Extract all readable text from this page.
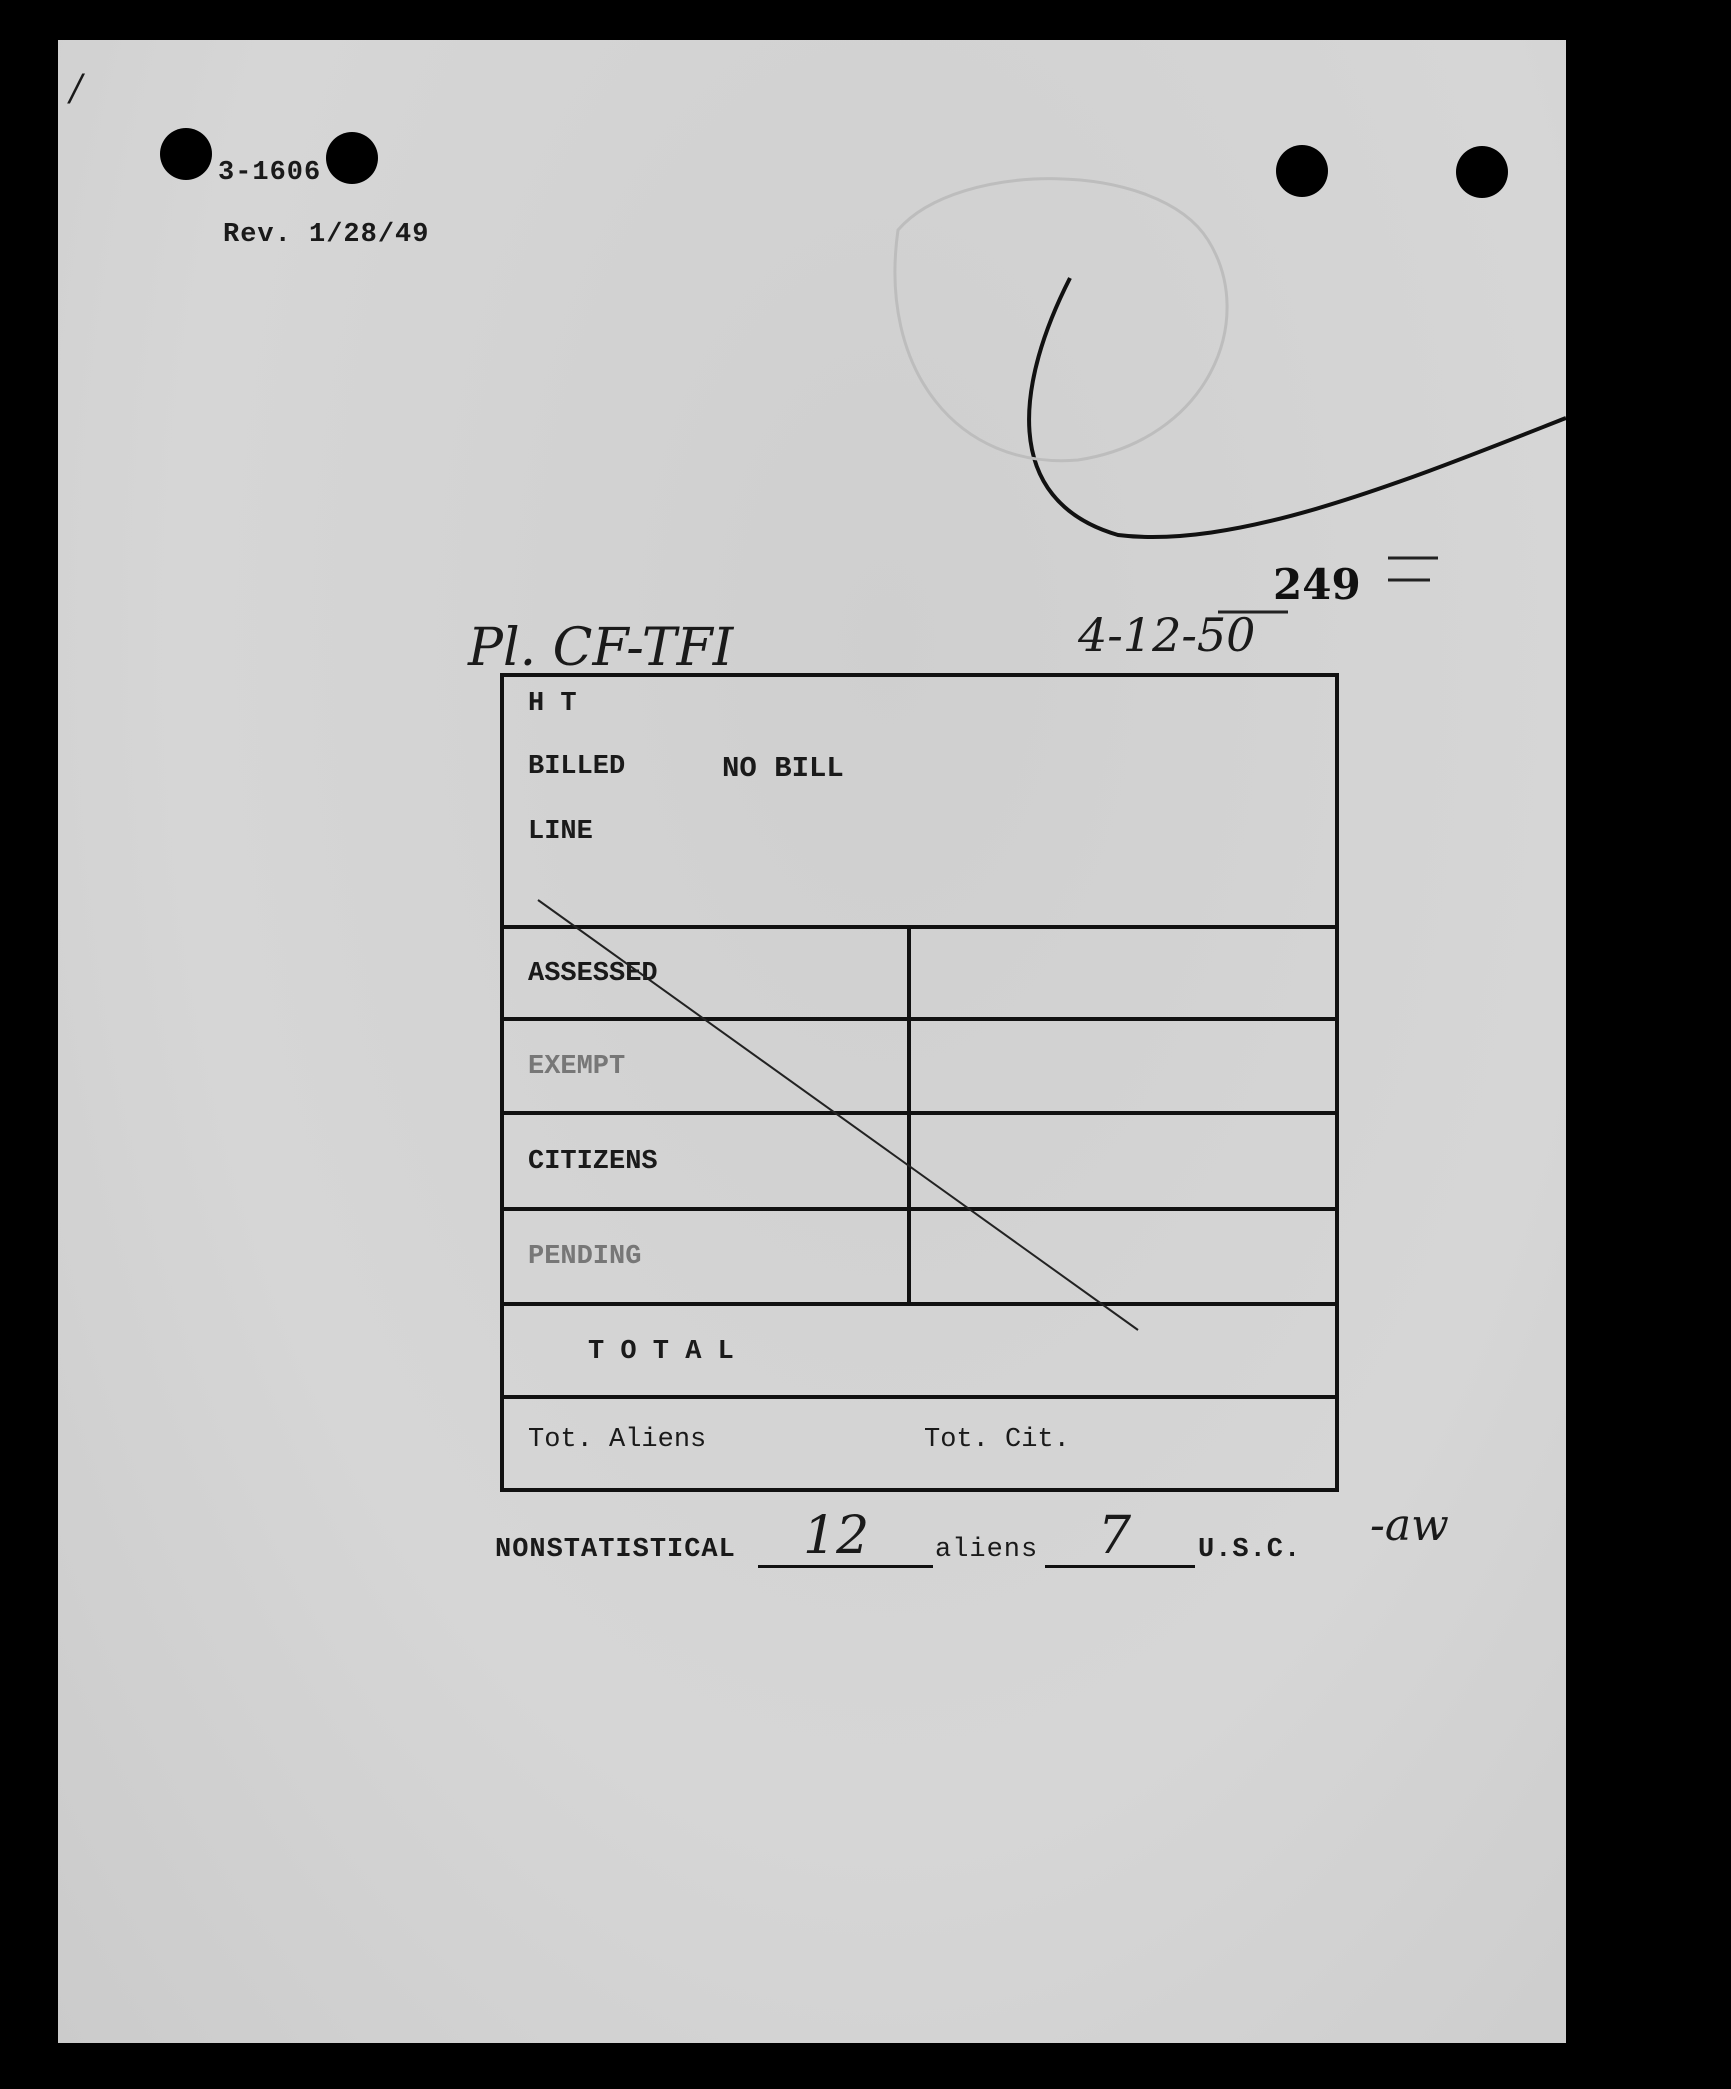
/
3-1606
Rev. 1/28/49
Pl. CF-TFI	4-12-50
249
-aw
H T
BILLED	NO BILL
LINE
ASSESSED
EXEMPT
CITIZENS
PENDING
T O T A L
Tot. Aliens	Tot. Cit.
NONSTATISTICAL 12 aliens 7 U.S.C.
